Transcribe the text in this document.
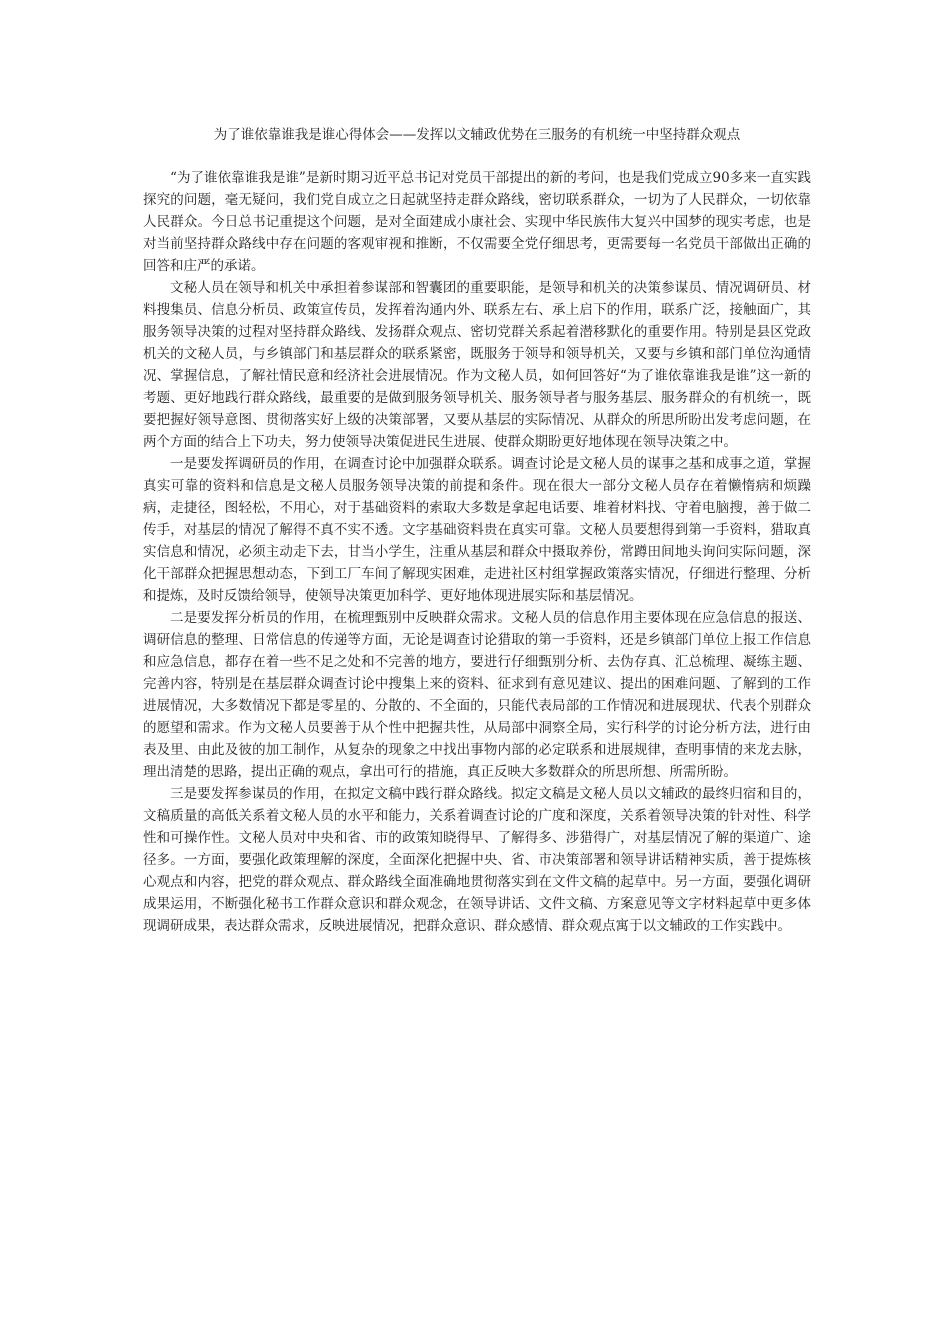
为了谁依靠谁我是谁心得体会——发挥以文辅政优势在三服务的有机统一中坚持群众观点

“为了谁依靠谁我是谁”是新时期习近平总书记对党员干部提出的新的考问，也是我们党成立90多来一直实践探究的问题，毫无疑问，我们党自成立之日起就坚持走群众路线，密切联系群众，一切为了人民群众，一切依靠人民群众。今日总书记重提这个问题，是对全面建成小康社会、实现中华民族伟大复兴中国梦的现实考虑，也是对当前坚持群众路线中存在问题的客观审视和推断，不仅需要全党仔细思考，更需要每一名党员干部做出正确的回答和庄严的承诺。

文秘人员在领导和机关中承担着参谋部和智囊团的重要职能，是领导和机关的决策参谋员、情况调研员、材料搜集员、信息分析员、政策宣传员，发挥着沟通内外、联系左右、承上启下的作用，联系广泛，接触面广，其服务领导决策的过程对坚持群众路线、发扬群众观点、密切党群关系起着潜移默化的重要作用。特别是县区党政机关的文秘人员，与乡镇部门和基层群众的联系紧密，既服务于领导和领导机关，又要与乡镇和部门单位沟通情况、掌握信息，了解社情民意和经济社会进展情况。作为文秘人员，如何回答好“为了谁依靠谁我是谁”这一新的考题、更好地践行群众路线，最重要的是做到服务领导机关、服务领导者与服务基层、服务群众的有机统一，既要把握好领导意图、贯彻落实好上级的决策部署，又要从基层的实际情况、从群众的所思所盼出发考虑问题，在两个方面的结合上下功夫，努力使领导决策促进民生进展、使群众期盼更好地体现在领导决策之中。

一是要发挥调研员的作用，在调查讨论中加强群众联系。调查讨论是文秘人员的谋事之基和成事之道，掌握真实可靠的资料和信息是文秘人员服务领导决策的前提和条件。现在很大一部分文秘人员存在着懒惰病和烦躁病，走捷径，图轻松，不用心，对于基础资料的索取大多数是拿起电话要、堆着材料找、守着电脑搜，善于做二传手，对基层的情况了解得不真不实不透。文字基础资料贵在真实可靠。文秘人员要想得到第一手资料，猎取真实信息和情况，必须主动走下去，甘当小学生，注重从基层和群众中摄取养份，常蹲田间地头询问实际问题，深化干部群众把握思想动态，下到工厂车间了解现实困难，走进社区村组掌握政策落实情况，仔细进行整理、分析和提炼，及时反馈给领导，使领导决策更加科学、更好地体现进展实际和基层情况。

二是要发挥分析员的作用，在梳理甄别中反映群众需求。文秘人员的信息作用主要体现在应急信息的报送、调研信息的整理、日常信息的传递等方面，无论是调查讨论猎取的第一手资料，还是乡镇部门单位上报工作信息和应急信息，都存在着一些不足之处和不完善的地方，要进行仔细甄别分析、去伪存真、汇总梳理、凝练主题、完善内容，特别是在基层群众调查讨论中搜集上来的资料、征求到有意见建议、提出的困难问题、了解到的工作进展情况，大多数情况下都是零星的、分散的、不全面的，只能代表局部的工作情况和进展现状、代表个别群众的愿望和需求。作为文秘人员要善于从个性中把握共性，从局部中洞察全局，实行科学的讨论分析方法，进行由表及里、由此及彼的加工制作，从复杂的现象之中找出事物内部的必定联系和进展规律，查明事情的来龙去脉，理出清楚的思路，提出正确的观点，拿出可行的措施，真正反映大多数群众的所思所想、所需所盼。

三是要发挥参谋员的作用，在拟定文稿中践行群众路线。拟定文稿是文秘人员以文辅政的最终归宿和目的，文稿质量的高低关系着文秘人员的水平和能力，关系着调查讨论的广度和深度，关系着领导决策的针对性、科学性和可操作性。文秘人员对中央和省、市的政策知晓得早、了解得多、涉猎得广，对基层情况了解的渠道广、途径多。一方面，要强化政策理解的深度，全面深化把握中央、省、市决策部署和领导讲话精神实质，善于提炼核心观点和内容，把党的群众观点、群众路线全面准确地贯彻落实到在文件文稿的起草中。另一方面，要强化调研成果运用，不断强化秘书工作群众意识和群众观念，在领导讲话、文件文稿、方案意见等文字材料起草中更多体现调研成果，表达群众需求，反映进展情况，把群众意识、群众感情、群众观点寓于以文辅政的工作实践中。
